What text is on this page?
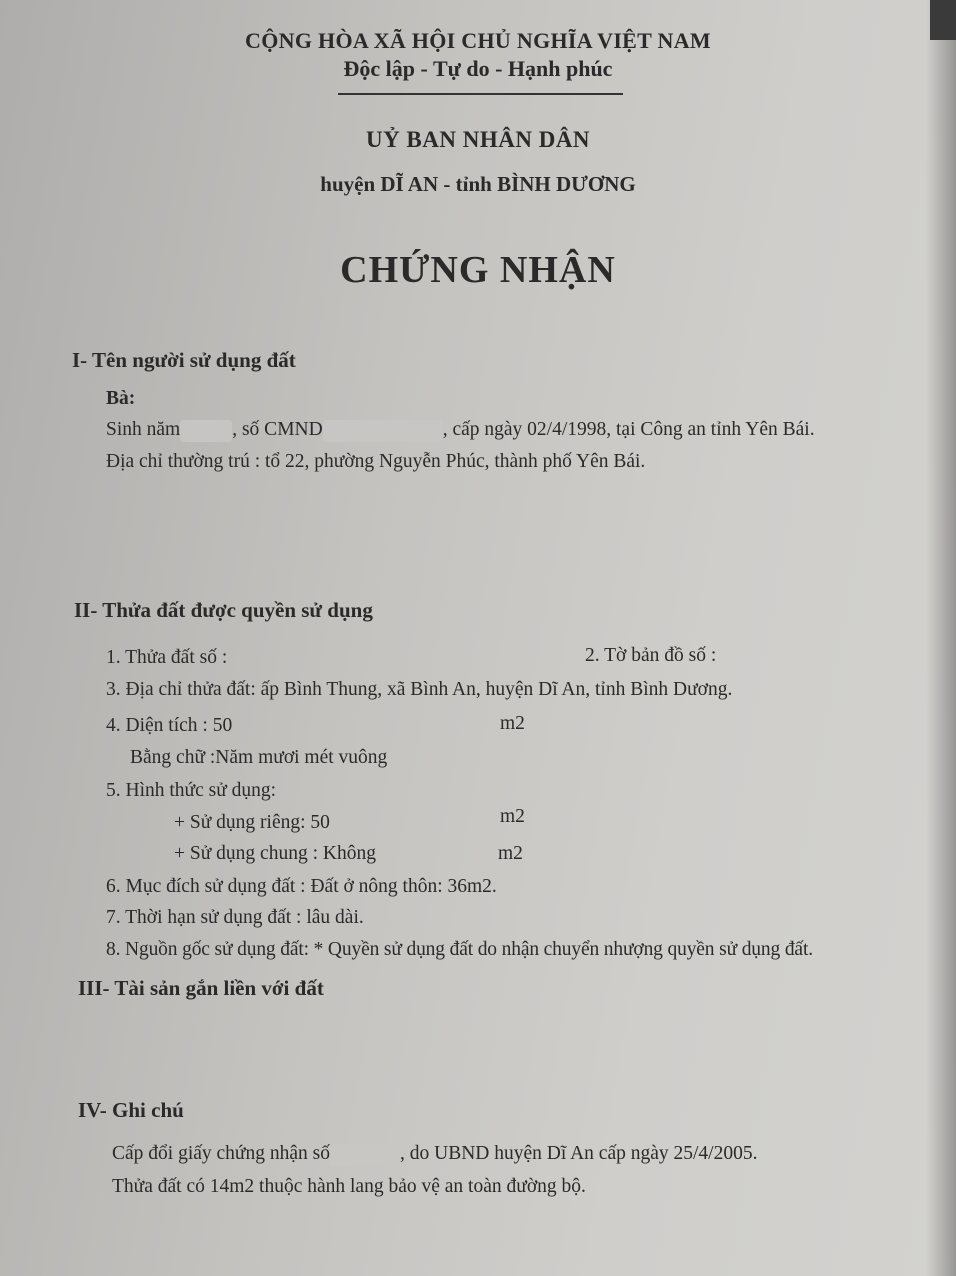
CỘNG HÒA XÃ HỘI CHỦ NGHĨA VIỆT NAM
Độc lập - Tự do - Hạnh phúc
UỶ BAN NHÂN DÂN
huyện DĨ AN - tỉnh BÌNH DƯƠNG
CHỨNG NHẬN
I- Tên người sử dụng đất
Bà:
Sinh năm	, số CMND	, cấp ngày 02/4/1998, tại Công an tỉnh Yên Bái.
Địa chỉ thường trú : tổ 22, phường Nguyễn Phúc, thành phố Yên Bái.
II- Thửa đất được quyền sử dụng
1. Thửa đất số :	2. Tờ bản đồ số :
3. Địa chỉ thửa đất: ấp Bình Thung, xã Bình An, huyện Dĩ An, tỉnh Bình Dương.
4. Diện tích : 50	m2
Bằng chữ :Năm mươi mét vuông
5. Hình thức sử dụng:
+ Sử dụng riêng: 50	m2
+ Sử dụng chung : Không	m2
6. Mục đích sử dụng đất : Đất ở nông thôn: 36m2.
7. Thời hạn sử dụng đất : lâu dài.
8. Nguồn gốc sử dụng đất: * Quyền sử dụng đất do nhận chuyển nhượng quyền sử dụng đất.
III- Tài sản gắn liền với đất
IV- Ghi chú
Cấp đổi giấy chứng nhận số	, do UBND huyện Dĩ An cấp ngày 25/4/2005.
Thửa đất có 14m2 thuộc hành lang bảo vệ an toàn đường bộ.
